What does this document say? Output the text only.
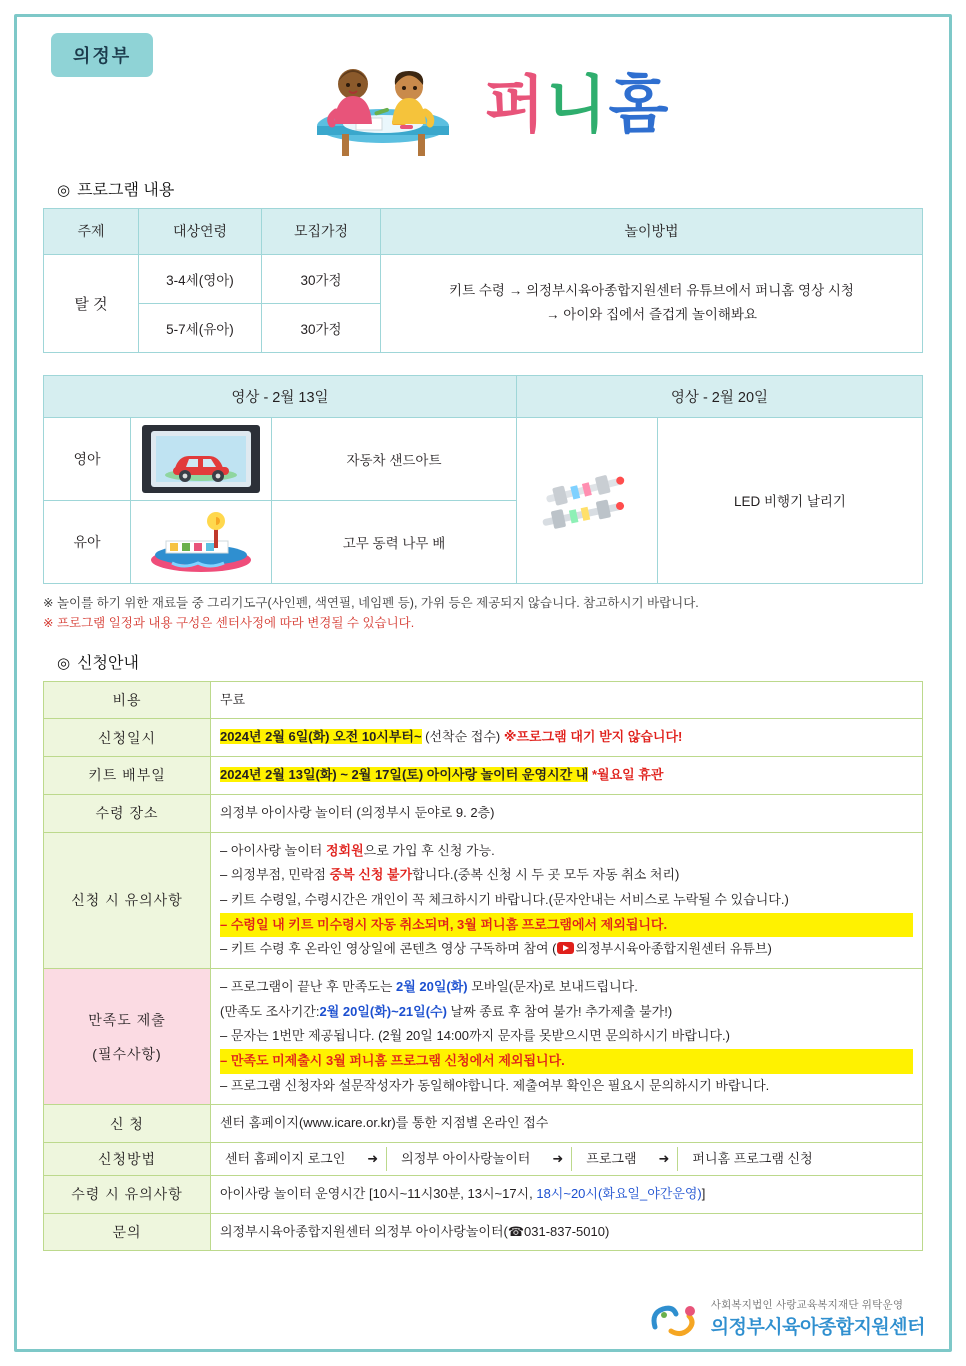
의정부
퍼니홈
◎ 프로그램 내용
주제	대상연령	모집가정	놀이방법
탈 것	3-4세(영아)	30가정	키트 수령 → 의정부시육아종합지원센터 유튜브에서 퍼니홈 영상 시청
→ 아이와 집에서 즐겁게 놀이해봐요

	5-7세(유아)	30가정	
영상 - 2월 13일			영상 - 2월 20일	
영아		자동차 샌드아트		LED 비행기 날리기
유아		고무 동력 나무 배		
※ 놀이를 하기 위한 재료들 중 그리기도구(사인펜, 색연필, 네임펜 등), 가위 등은 제공되지 않습니다. 참고하시기 바랍니다.
※ 프로그램 일정과 내용 구성은 센터사정에 따라 변경될 수 있습니다.
◎ 신청안내
비용	무료
신청일시	2024년 2월 6일(화) 오전 10시부터~ (선착순 접수) ※프로그램 대기 받지 않습니다!
키트 배부일	2024년 2월 13일(화) ~ 2월 17일(토) 아이사랑 놀이터 운영시간 내 *월요일 휴관
수령 장소	의정부 아이사랑 놀이터 (의정부시 둔야로 9. 2층)
신청 시 유의사항	– 아이사랑 놀이터 정회원으로 가입 후 신청 가능.
– 의정부점, 민락점 중복 신청 불가합니다.(중복 신청 시 두 곳 모두 자동 취소 처리)
– 키트 수령일, 수령시간은 개인이 꼭 체크하시기 바랍니다.(문자안내는 서비스로 누락될 수 있습니다.)
– 수령일 내 키트 미수령시 자동 취소되며, 3월 퍼니홈 프로그램에서 제외됩니다.
– 키트 수령 후 온라인 영상일에 콘텐츠 영상 구독하며 참여 ( 의정부시육아종합지원센터 유튜브)

만족도 제출
(필수사항)

– 프로그램이 끝난 후 만족도는 2월 20일(화) 모바일(문자)로 보내드립니다.
(만족도 조사기간:2월 20일(화)~21일(수) 날짜 종료 후 참여 불가! 추가제출 불가!)
– 문자는 1번만 제공됩니다. (2월 20일 14:00까지 문자를 못받으시면 문의하시기 바랍니다.)
– 만족도 미제출시 3월 퍼니홈 프로그램 신청에서 제외됩니다.
– 프로그램 신청자와 설문작성자가 동일해야합니다. 제출여부 확인은 필요시 문의하시기 바랍니다.

신 청	센터 홈페이지(www.icare.or.kr)를 통한 지점별 온라인 접수
신청방법	센터 홈페이지 로그인	➜	의정부 아이사랑놀이터	➜	프로그램	➜	퍼니홈 프로그램 신청

수령 시 유의사항	아이사랑 놀이터 운영시간 [10시~11시30분, 13시~17시, 18시~20시(화요일_야간운영)]
문의	의정부시육아종합지원센터 의정부 아이사랑놀이터(☎031-837-5010)
사회복지법인 사랑교육복지재단 위탁운영
의정부시육아종합지원센터
